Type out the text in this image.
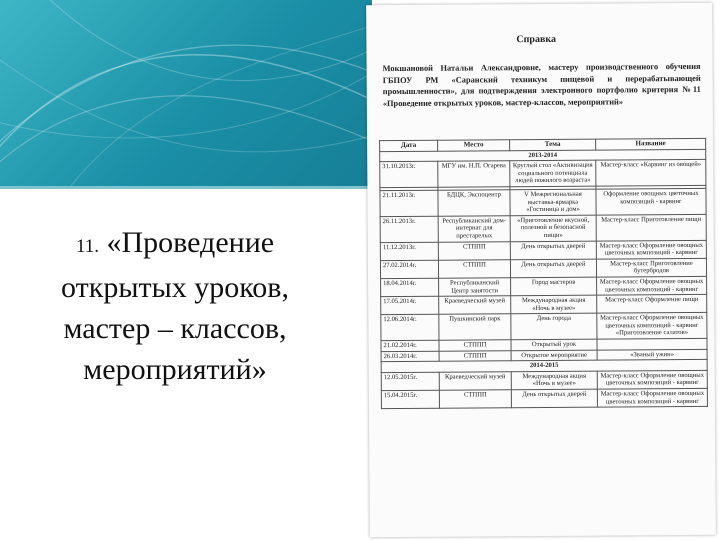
11. «Проведение открытых уроков, мастер – классов, мероприятий»
Справка
Мокшановой Натальи Александровне, мастеру производственного обучения ГБПОУ РМ «Саранский техникум пищевой и перерабатывающей промышленности», для подтверждения электронного портфолио критерия №11 «Проведение открытых уроков, мастер-классов, мероприятий»
Дата	Место	Тема	Название
2013-2014			
31.10.2013г.	МГУ им. Н.П. Огарева	Круглый стол «Активизация социального потенциала людей пожилого возраста»	Мастер-класс «Карвинг из овощей»

21.11.2013г.	БДЦК, Экспоцентр	V Межрегиональная выставка-ярмарка «Гостиница и дом»	Оформление овощных цветочных композиций - карвинг
26.11.2013г.	Республиканский дом-интернат для престарелых	«Приготовление вкусной, полезной и безопасной пищи»	Мастер-класс Приготовление пищи
11.12.2013г.	СТППП	День открытых дверей	Мастер-класс Оформление овощных цветочных композиций - карвинг
27.02.2014г.	СТППП	День открытых дверей	Мастер-класс Приготовление бутербродов
18.04.2014г.	Республиканский Центр занятости	Город мастеров	Мастер-класс Оформление овощных цветочных композиций - карвинг
17.05.2014г.	Краеведческий музей	Международная акция «Ночь в музее»	Мастер-класс Оформление пищи
12.06.2014г.	Пушкинский парк	День города	Мастер-класс Оформление овощных цветочных композиций - карвинг «Приготовление салатов»
21.02.2014г.	СТППП	Открытый урок	
26.03.2014г.	СТППП	Открытое мероприятие	«Званый ужин»
2014-2015			
12.05.2015г.	Краеведческий музей	Международная акция «Ночь в музее»	Мастер-класс Оформление овощных цветочных композиций - карвинг
15.04.2015г.	СТППП	День открытых дверей	Мастер-класс Оформление овощных цветочных композиций - карвинг
